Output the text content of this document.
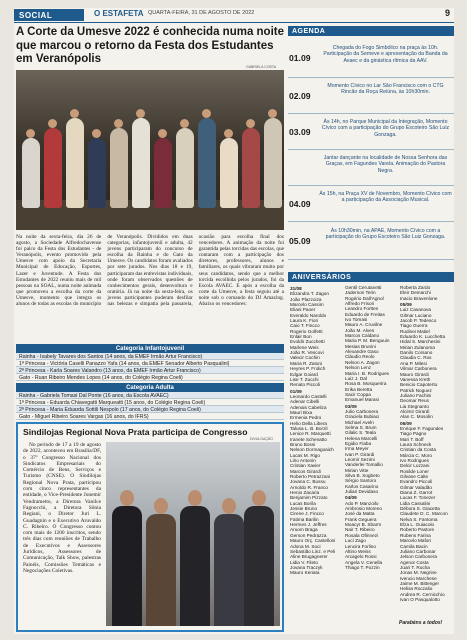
SOCIAL	O ESTAFETA QUARTA-FEIRA, 31 DE AGOSTO DE 2022	9
A Corte da Umesve 2022 é conhecida numa noite que marcou o retorno da Festa dos Estudantes em Veranópolis
GABRIELA COSTA
Na noite da sexta-feira, dia 26 de agosto, a Sociedade Alfredochavense foi palco da Festa dos Estudantes - de Veranópolis, evento promovido pela Umesve com apoio da Secretaria Municipal de Educação, Esportes, Lazer e Juventude. A Festa dos Estudantes de 2022 reuniu mais de mil pessoas na SOAL, numa noite animada que promoveu a escolha da corte da Umesve, momento que integra os alunos de todas as escolas do município de Veranópolis. Divididos em duas categorias, infantojuvenil e adulta, 42 jovens participaram do concurso de escolha da Rainha e do Gato da Umesve. Os candidatos foram avaliados por sete jurados. Nos dias 18 e 19, participaram das entrevistas individuais, onde foram observados questões de conhecimentos gerais, desenvoltura e oratória. Já na noite da sexta-feira, os jovens participantes puderam desfilar nas belezas e simpatia pela passarela, ocasião para escolha final dos vencedores. A animação da noite foi garantida pelas torcidas das escolas, que contaram com a participação dos diretores, professores, alunos e familiares, os quais vibraram muito por seus candidatos, sendo que a melhor torcida escolhida pelos jurados, foi da Escola AVAEC. E após a escolha da corte da Umesve, a festa seguiu até a noite sob o comando do DJ Amazing. Abaixo os vencedores:
Categoria Infantojuvenil
Rainha - Isabely Tavares dos Santos (14 anos, da EMEF Irmão Artur Francisco)
1ª Princesa - Victória Caselli Panazzo Yafa (14 anos, da EMEF Senador Alberto Pasqualini)
2ª Princesa - Karla Soares Valandro (13 anos, da EMEF Irmão Artur Francisco)
Gato - Ruan Ribeiro Mendes Lopes (14 anos, do Colégio Regina Coeli)
Sindilojas Regional Nova Prata participa de Congresso
DIVULGAÇÃO
No período de 17 a 19 de agosto de 2022, aconteceu em Brasília/DF, o 37º Congresso Nacional dos Sindicatos Empresariais do Comércio de Bens, Serviços e Turismo (CNSE). O Sindilojas Regional Nova Prata, participou com cinco representantes da entidade, o Vice-Presidente Jonemir Vendrametto, a Diretora Vanilce Fagnocchi, a Diretora Sônia Regiani, o Diretor Juri L. Guadagnin e o Executivo Aruvaldo C. Ribeiro. O Congresso contou com mais de 1200 inscritos, sendo três dias com reuniões de Trabalho de Executivos e Assessores Jurídicos, Assessores de Comunicação, Talk Show, palestras Painéis, Comissões Temáticas e Negociações Coletivas.
AGENDA
01.09
Chegada do Fogo Simbólico na praça às 10h. Participação da Semeve e apresentação da Banda da Avaec e da ginástica rítmica da AAV.
02.09
Momento Cívico no Lar São Francisco com o CTG Rincão da Roça Reiúna, às 10h30min.
03.09
Às 14h, no Parque Municipal da Integração, Momento Cívico com a participação do Grupo Escoteiro São Luiz Gonzaga.
Jantar dançante na localidade de Nossa Senhora das Graças, em Fagundes Varela. Animação do Pastora Negra.
04.09
Às 15h, na Praça XV de Novembro, Momento Cívico com a participação da Associação Musical.
05.09
Às 10h30min, na APAE, Momento Cívico com a participação do Grupo Escoteiro São Luiz Gonzaga.
ANIVERSÁRIOS
31/08
Elizandra T. Zagon
João Plazzoiza
Marcelo Cassim
Eliani Paoer
Everaldo Naroldo
Laura K. Fiori
Caio T. Fincco
Rogerio Golfetti
Enlair Bon
Evoldir Zucchetti
Marlene Weis
João R. Vescovi
Valecir Cochin
Maria R. Zatoni
Heyres P. Frolich
Edgar Goiard
Lise T. Zucchi
Renato Piccoli
01/09
Leonardo Castelli
Adenar Cibelli
Adenais Cabeliza
Mauri Bixa
Ermenia Pedro
Helio Della Libera
Talusa L. B. Borzil
Lenice R. Marquetti
Iranete Schenatto
Bruno Bossi
Nelson Dormagoaich
Lucas M. Rigo
Lirio Antonin
Cristian Xavier
Marcos Girardi
Roberto Petrazzani
Jovana C. Bussu
Arnoldo R. Franco
Henio Zacaria
Benjamim Pizzato
Lucas Borila
Jessie Bruno
Cirene J. Fincco
Fatima Barilin
Hermes J. Jeffres
Aruom Braga
Gerson Pedrazza
Mauro Orç. Castelloni
Adona M. Soci
Sebastião Linz. e Peli
Aline Brugagnerer
Lidia V. Fileto
Jovana Traczyk
Mauro Keriata
Gentil Cerutanetti
Jaderson Terin
Rogério Dall'Agnol
Alfredo Frisori
Leandro Forttes
Eduardo de Freitas
Ivo Tomasi
Mauro A. Cruvilne
João M. Alves
Marcos Caldano
Maria P. M. Benguuin
Mesias Brunini
Alexandre Gaso
Cláudio Reolo
Nelson A. Zagon
Nelson Lenz
Maria I. B. Rodrigues
Luiz J. Dal
Rosa B. Mosquerira
Erika Beretta
Sacir Coppa
Emanuel Marasi
03/09
Julio Carbonera
Graciela Bubiaci
Michael Aveln
Selma S. Brum
Gilalic S. Teala
Helena Marcelli
Egidio Fiaba
Irma Meyer
Ivan P. Girardi
Leomir Sezimi
Vanderlei Tomallio
Mirian Vitte
Silva B. Sogbeto
Sérgio Santoro
Karlos Casarino
Juliari Devidaso
04/09
Ado P. Manzoilo
Ambrosio Moreno
José da Matta
Frank Geguera
Moacyr B. Sbarm
Nair T. Ribeiro
Rosala Ofinnezi
Lucí Zago
Lencira Forlino
Altino Weiss
Arcagelo Rossi
Angela V. Cenella
Thiago T. Pozzin
Roberta Zardo
Eleir Demarchi
Inacio Bravenlone
05/09
Luiz Casanova
Gilmar Luciano
Jacob P. Tedesco
Tiago Guerra
Rudinei Matiel
Eduardo K. Lucchetta
Hidal S. Marchesini
Mirian Zulanoma
Danilo Corsano
Claudia C. Ros
Ana P. Milesi
Vilmar Carbonera
Mauro Girardi
Vanessa Kreth
Benicio Capoterto
Patrick Noguez
Juliano Fachini
Deomar Reus
Lia Stegnanto
Alcimir Girardi
Alan C. Mosolin
06/09
Enrique F. Fagundes
Tiago Pagno
Mari T. Boff
Laura Schneck
Cristian da Costa
Márcia C. Moro
Ivo Rodrigues
Delcir Luzzani
Rosilde Loner
Gilvane Calte
Evandro Piccoli
Gilmar Valadão
Diana Z. Garrot
Lucas F. Tonezer
Lidia Cassalini
Débora S. Giacetta
Claudete D. C. Marcon
Nelva S. Fantoma
Elza L. Guiacolo
Roberto Pastore
Rubens Farina
Marcelo Mafori
Camila Bacin
Juliano Carbonar
Jelson Carbonera
Agenor Costa
Juari T. Rocha
Jonas M. Negrine
Ivencio Marchese
Jaime M. Bittenger
Helisa Roczalio
Andrea R. Cernicchio
Ivan O Pasqualotto
Parabéns a todos!
Categoria Adulta
Rainha - Gabriela Tomasi Dal Ponte (16 anos, da Escola AVAEC)
1ª Princesa - Eduarda Chiavegatti Marqueatti (15 anos, do Colégio Regina Coeli)
2ª Princesa - Maria Eduarda Sottili Nespolo (17 anos, do Colégio Regina Coeli)
Gato - Miguel Ribeiro Soares Vargas (16 anos, do IFRS)
